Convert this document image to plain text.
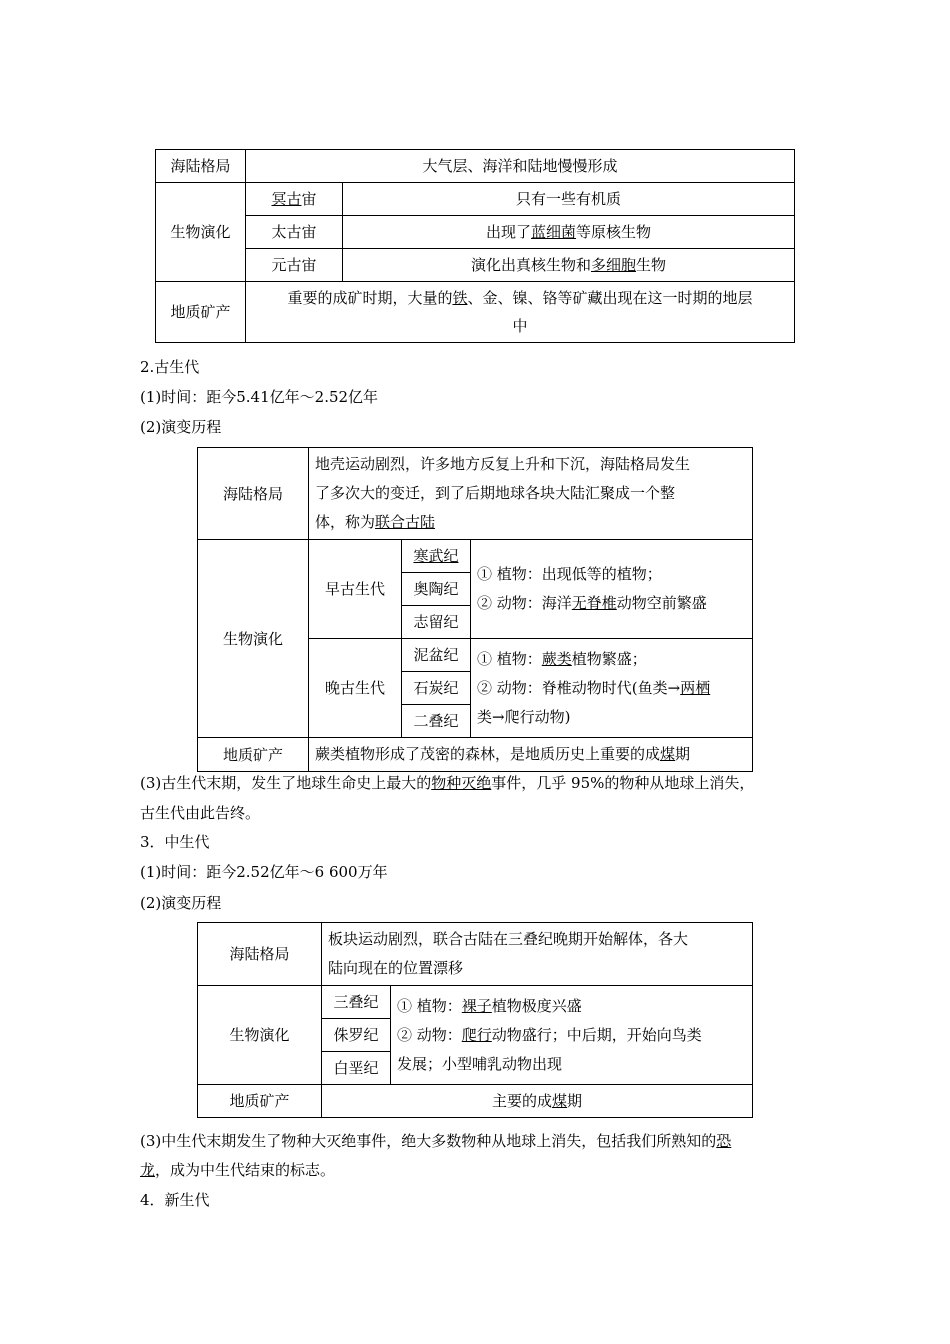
海陆格局	大气层、海洋和陆地慢慢形成	
生物演化	冥古宙	只有一些有机质
	太古宙	出现了蓝细菌等原核生物
	元古宙	演化出真核生物和多细胞生物
地质矿产	重要的成矿时期，大量的铁、金、镍、铬等矿藏出现在这一时期的地层
中	
2.古生代
(1)时间：距今5.41亿年～2.52亿年
(2)演变历程
海陆格局	地壳运动剧烈，许多地方反复上升和下沉，海陆格局发生
了多次大的变迁，到了后期地球各块大陆汇聚成一个整
体，称为联合古陆		
生物演化	早古生代	寒武纪	① 植物：出现低等的植物；
② 动物：海洋无脊椎动物空前繁盛
		奥陶纪	
		志留纪	
	晚古生代	泥盆纪	① 植物：蕨类植物繁盛；
② 动物：脊椎动物时代(鱼类→两栖
类→爬行动物)
		石炭纪	
		二叠纪	
地质矿产	蕨类植物形成了茂密的森林，是地质历史上重要的成煤期		
(3)古生代末期，发生了地球生命史上最大的物种灭绝事件，几乎 95%的物种从地球上消失，
古生代由此告终。
3．中生代
(1)时间：距今2.52亿年～6 600万年
(2)演变历程
海陆格局	板块运动剧烈，联合古陆在三叠纪晚期开始解体，各大
陆向现在的位置漂移	
生物演化	三叠纪	① 植物：裸子植物极度兴盛
② 动物：爬行动物盛行；中后期，开始向鸟类
发展；小型哺乳动物出现
	侏罗纪	
	白垩纪	
地质矿产	主要的成煤期	
(3)中生代末期发生了物种大灭绝事件，绝大多数物种从地球上消失，包括我们所熟知的恐
龙，成为中生代结束的标志。
4．新生代
